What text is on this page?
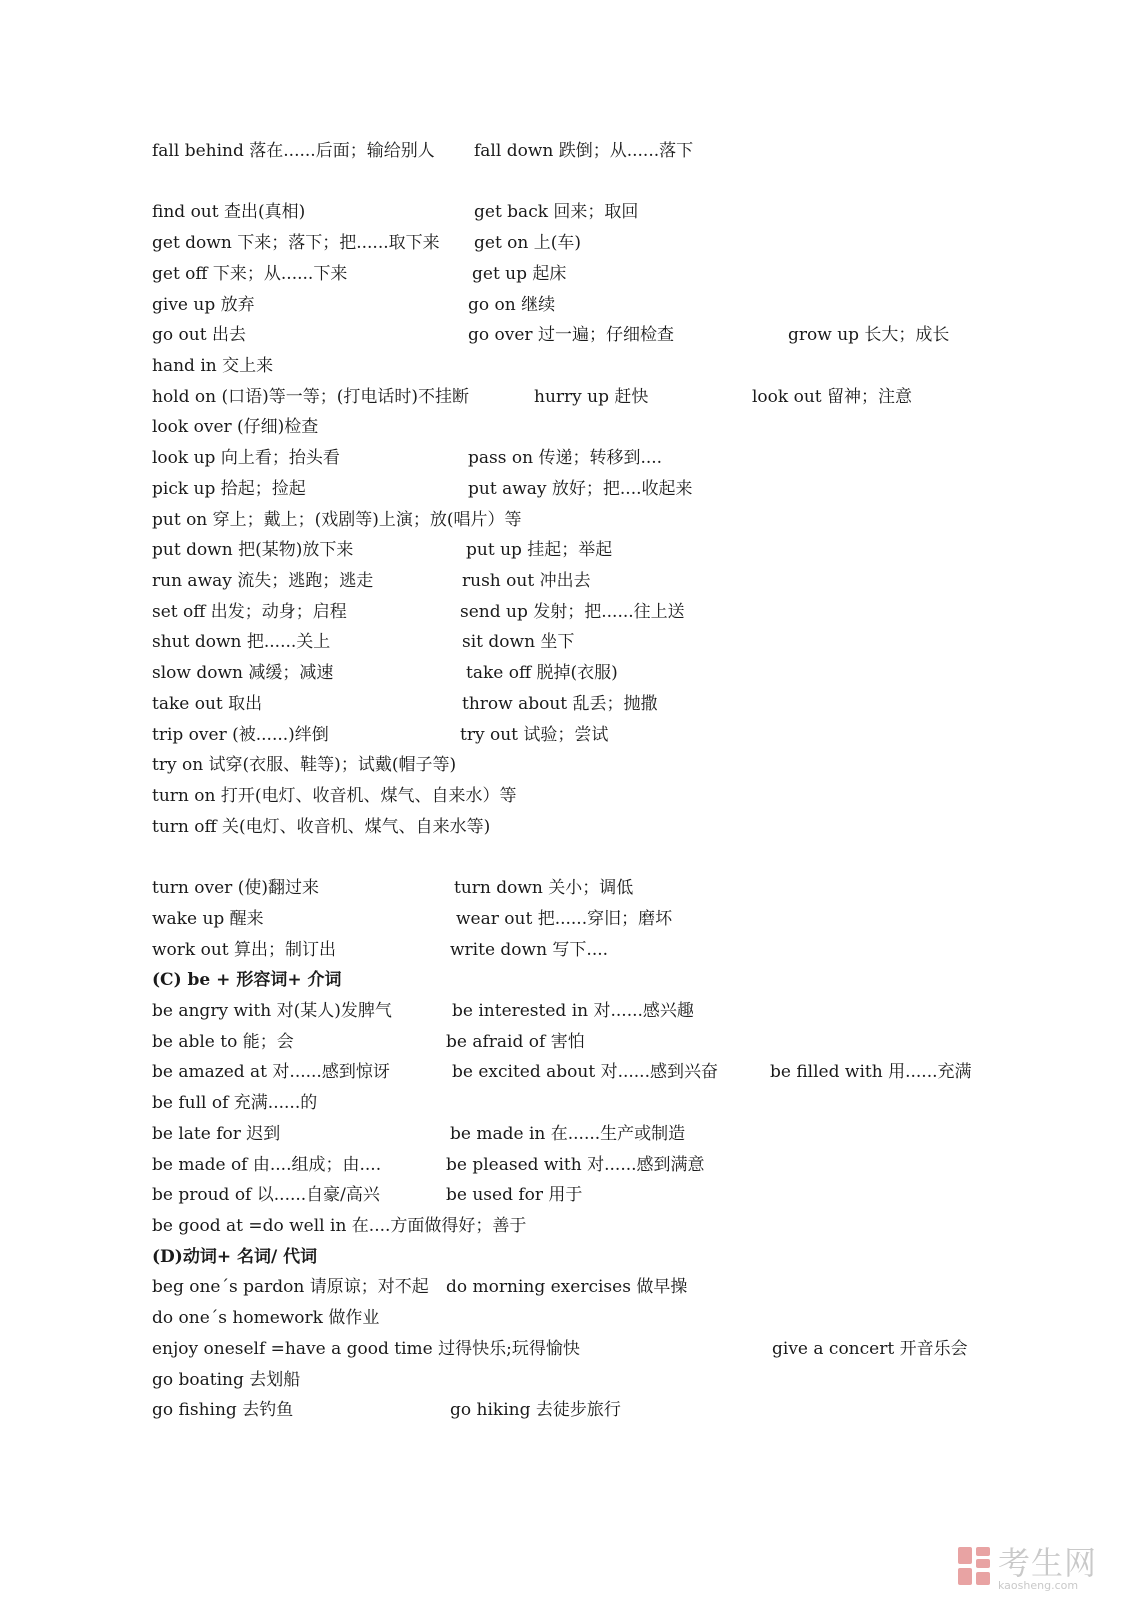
fall behind 落在......后面；输给别人 fall down 跌倒；从......落下
find out 查出(真相)	get back 回来；取回
get down 下来；落下；把......取下来 get on 上(车)
get off 下来；从......下来	get up 起床
give up 放弃	go on 继续
go out 出去	go over 过一遍；仔细检查	grow up 长大；成长
hand in 交上来
hold on (口语)等一等；(打电话时)不挂断	hurry up 赶快	look out 留神；注意
look over (仔细)检查
look up 向上看；抬头看	pass on 传递；转移到....
pick up 拾起；捡起	put away 放好；把....收起来
put on 穿上；戴上；(戏剧等)上演；放(唱片）等
put down 把(某物)放下来	put up 挂起；举起
run away 流失；逃跑；逃走	rush out 冲出去
set off 出发；动身；启程	send up 发射；把......往上送
shut down 把......关上	sit down 坐下
slow down 减缓；减速	take off 脱掉(衣服)
take out 取出	throw about 乱丢；抛撒
trip over (被......)绊倒	try out 试验；尝试
try on 试穿(衣服、鞋等)；试戴(帽子等)
turn on 打开(电灯、收音机、煤气、自来水）等
turn off 关(电灯、收音机、煤气、自来水等)
turn over (使)翻过来	turn down 关小；调低
wake up 醒来	wear out 把......穿旧；磨坏
work out 算出；制订出	write down 写下....
(C) be + 形容词+ 介词
be angry with 对(某人)发脾气	be interested in 对......感兴趣
be able to 能；会	be afraid of 害怕
be amazed at 对......感到惊讶	be excited about 对......感到兴奋	be filled with 用......充满
be full of 充满......的
be late for 迟到	be made in 在......生产或制造
be made of 由....组成；由....	be pleased with 对......感到满意
be proud of 以......自豪/高兴	be used for 用于
be good at =do well in 在....方面做得好；善于
(D)动词+ 名词/ 代词
beg one´s pardon 请原谅；对不起 do morning exercises 做早操
do one´s homework 做作业
enjoy oneself =have a good time 过得快乐;玩得愉快	give a concert 开音乐会
go boating 去划船
go fishing 去钓鱼	go hiking 去徒步旅行
考生网
kaosheng.com
